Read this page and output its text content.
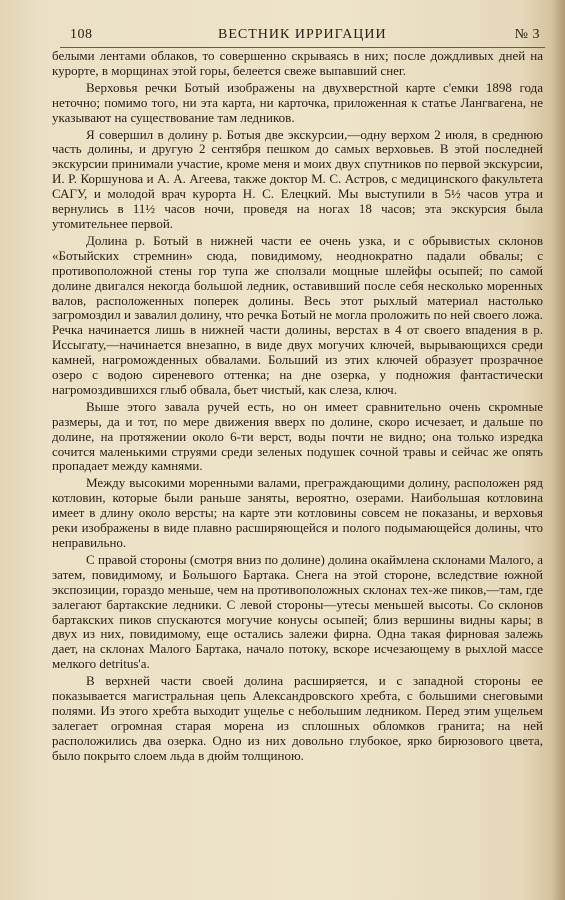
108	ВЕСТНИК ИРРИГАЦИИ	№ 3

белыми лентами облаков, то совершенно скрываясь в них; после дождливых дней на курорте, в морщинах этой горы, белеется свеже выпавший снег.

Верховья речки Ботый изображены на двухверстной карте с'емки 1898 года неточно; помимо того, ни эта карта, ни карточка, приложенная к статье Лангвагена, не указывают на существование там ледников.

Я совершил в долину р. Ботыя две экскурсии,—одну верхом 2 июля, в среднюю часть долины, и другую 2 сентября пешком до самых верховьев. В этой последней экскурсии принимали участие, кроме меня и моих двух спутников по первой экскурсии, И. Р. Коршунова и А. А. Агеева, также доктор М. С. Астров, с медицинского факультета САГУ, и молодой врач курорта Н. С. Елецкий. Мы выступили в 5½ часов утра и вернулись в 11½ часов ночи, проведя на ногах 18 часов; эта экскурсия была утомительнее первой.

Долина р. Ботый в нижней части ее очень узка, и с обрывистых склонов «Ботыйских стремнин» сюда, повидимому, неоднократно падали обвалы; с противоположной стены гор тупа же сползали мощные шлейфы осыпей; по самой долине двигался некогда большой ледник, оставивший после себя несколько моренных валов, расположенных поперек долины. Весь этот рыхлый материал настолько загромоздил и завалил долину, что речка Ботый не могла проложить по ней своего ложа. Речка начинается лишь в нижней части долины, верстах в 4 от своего впадения в р. Иссыгату,—начинается внезапно, в виде двух могучих ключей, вырывающихся среди камней, нагроможденных обвалами. Больший из этих ключей образует прозрачное озеро с водою сиреневого оттенка; на дне озерка, у подножия фантастически нагромоздившихся глыб обвала, бьет чистый, как слеза, ключ.

Выше этого завала ручей есть, но он имеет сравнительно очень скромные размеры, да и тот, по мере движения вверх по долине, скоро исчезает, и дальше по долине, на протяжении около 6-ти верст, воды почти не видно; она только изредка сочится маленькими струями среди зеленых подушек сочной травы и сейчас же опять пропадает между камнями.

Между высокими моренными валами, преграждающими долину, расположен ряд котловин, которые были раньше заняты, вероятно, озерами. Наибольшая котловина имеет в длину около версты; на карте эти котловины совсем не показаны, и верховья реки изображены в виде плавно расширяющейся и полого подымающейся долины, что неправильно.

С правой стороны (смотря вниз по долине) долина окаймлена склонами Малого, а затем, повидимому, и Большого Бартака. Снега на этой стороне, вследствие южной экспозиции, гораздо меньше, чем на противоположных склонах тех-же пиков,—там, где залегают бартакские ледники. С левой стороны—утесы меньшей высоты. Со склонов бартакских пиков спускаются могучие конусы осыпей; близ вершины видны кары; в двух из них, повидимому, еще остались залежи фирна. Одна такая фирновая залежь дает, на склонах Малого Бартака, начало потоку, вскоре исчезающему в рыхлой массе мелкого detritus'a.

В верхней части своей долина расширяется, и с западной стороны ее показывается магистральная цепь Александровского хребта, с большими снеговыми полями. Из этого хребта выходит ущелье с небольшим ледником. Перед этим ущельем залегает огромная старая морена из сплошных обломков гранита; на ней расположились два озерка. Одно из них довольно глубокое, ярко бирюзового цвета, было покрыто слоем льда в дюйм толщиною.
